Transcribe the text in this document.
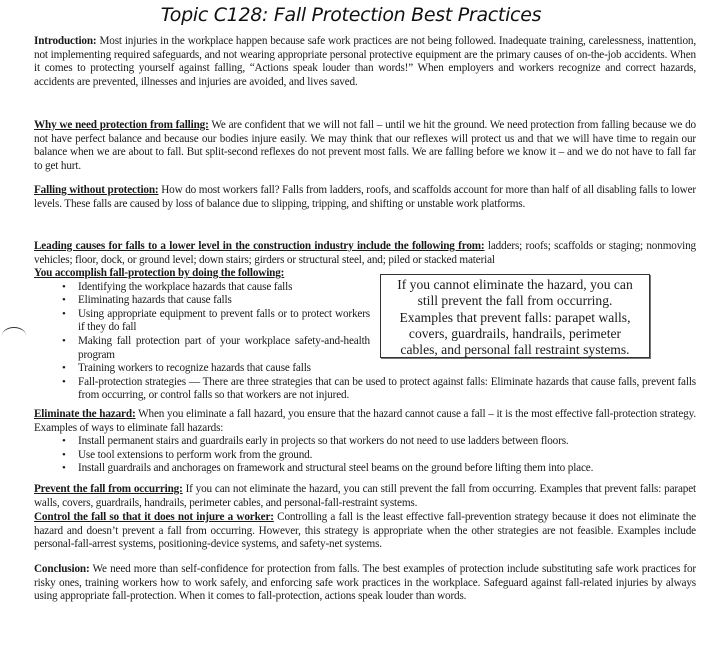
Topic C128: Fall Protection Best Practices
Introduction: Most injuries in the workplace happen because safe work practices are not being followed. Inadequate training, carelessness, inattention, not implementing required safeguards, and not wearing appropriate personal protective equipment are the primary causes of on-the-job accidents. When it comes to protecting yourself against falling, “Actions speak louder than words!” When employers and workers recognize and correct hazards, accidents are prevented, illnesses and injuries are avoided, and lives saved.
Why we need protection from falling: We are confident that we will not fall – until we hit the ground. We need protection from falling because we do not have perfect balance and because our bodies injure easily. We may think that our reflexes will protect us and that we will have time to regain our balance when we are about to fall. But split-second reflexes do not prevent most falls. We are falling before we know it – and we do not have to fall far to get hurt.
Falling without protection: How do most workers fall? Falls from ladders, roofs, and scaffolds account for more than half of all disabling falls to lower levels. These falls are caused by loss of balance due to slipping, tripping, and shifting or unstable work platforms.
Leading causes for falls to a lower level in the construction industry include the following from: ladders; roofs; scaffolds or staging; nonmoving vehicles; floor, dock, or ground level; down stairs; girders or structural steel, and; piled or stacked material
You accomplish fall-protection by doing the following:
• Identifying the workplace hazards that cause falls
• Eliminating hazards that cause falls
• Using appropriate equipment to prevent falls or to protect workers if they do fall
• Making fall protection part of your workplace safety-and-health program
• Training workers to recognize hazards that cause falls
• Fall-protection strategies — There are three strategies that can be used to protect against falls: Eliminate hazards that cause falls, prevent falls from occurring, or control falls so that workers are not injured.
If you cannot eliminate the hazard, you can
still prevent the fall from occurring.
Examples that prevent falls: parapet walls,
covers, guardrails, handrails, perimeter
cables, and personal fall restraint systems.
Eliminate the hazard: When you eliminate a fall hazard, you ensure that the hazard cannot cause a fall – it is the most effective fall-protection strategy. Examples of ways to eliminate fall hazards:
• Install permanent stairs and guardrails early in projects so that workers do not need to use ladders between floors.
• Use tool extensions to perform work from the ground.
• Install guardrails and anchorages on framework and structural steel beams on the ground before lifting them into place.
Prevent the fall from occurring: If you can not eliminate the hazard, you can still prevent the fall from occurring. Examples that prevent falls: parapet walls, covers, guardrails, handrails, perimeter cables, and personal-fall-restraint systems.
Control the fall so that it does not injure a worker: Controlling a fall is the least effective fall-prevention strategy because it does not eliminate the hazard and doesn’t prevent a fall from occurring. However, this strategy is appropriate when the other strategies are not feasible. Examples include personal-fall-arrest systems, positioning-device systems, and safety-net systems.
Conclusion: We need more than self-confidence for protection from falls. The best examples of protection include substituting safe work practices for risky ones, training workers how to work safely, and enforcing safe work practices in the workplace. Safeguard against fall-related injuries by always using appropriate fall-protection. When it comes to fall-protection, actions speak louder than words.
